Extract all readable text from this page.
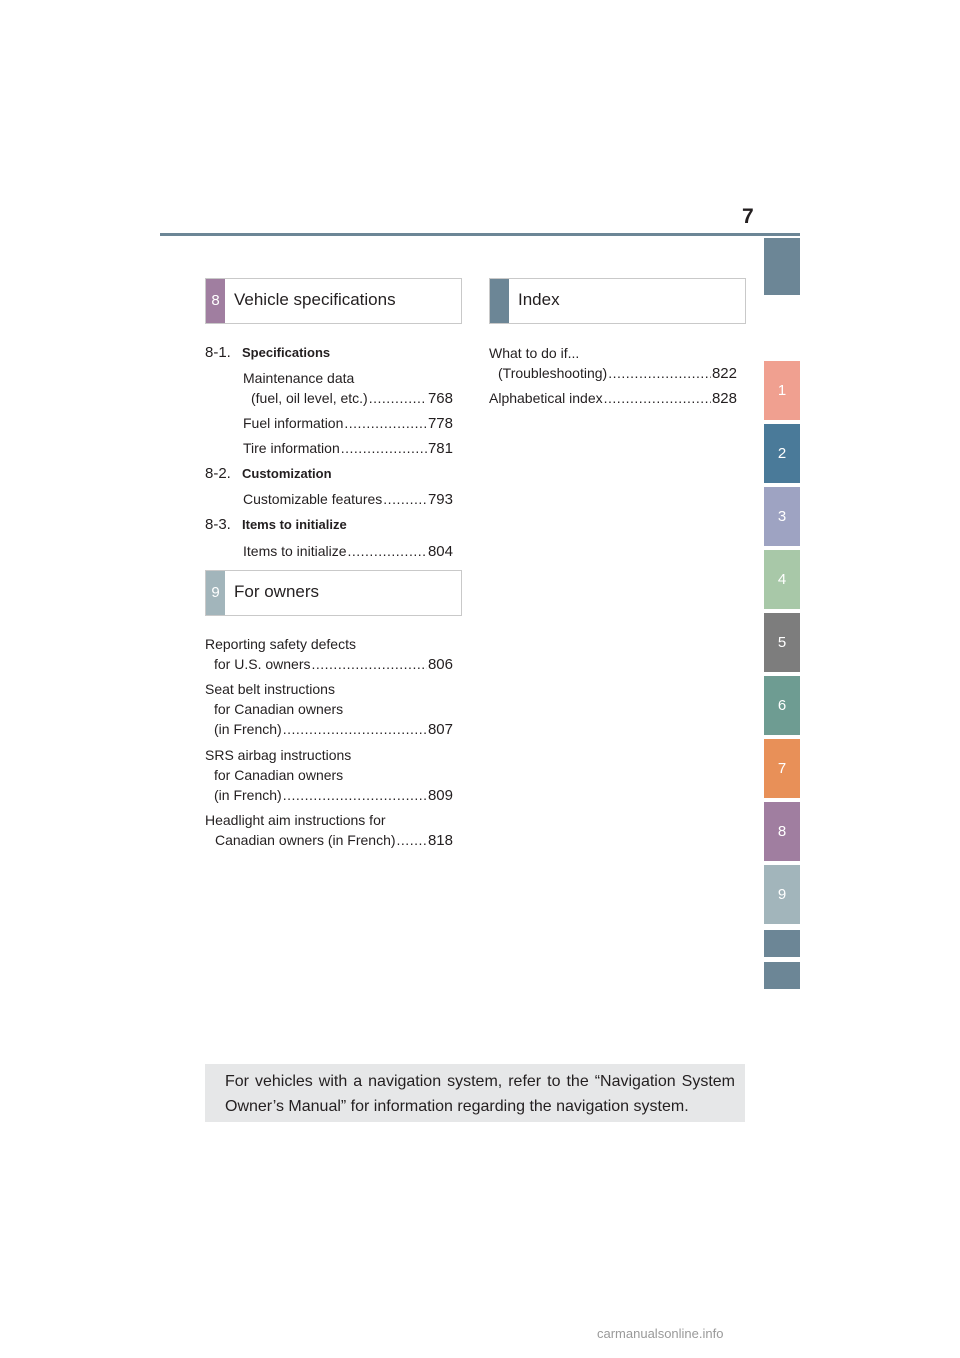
7
1
2
3
4
5
6
7
8
9
8 Vehicle specifications
8-1. Specifications
Maintenance data
(fuel, oil level, etc.) .....	768
Fuel information .....	778
Tire information .....	781
8-2. Customization
Customizable features .....	793
8-3. Items to initialize
Items to initialize .....	804
9 For owners
Reporting safety defects
for U.S. owners .....	806
Seat belt instructions
for Canadian owners
(in French) .....	807
SRS airbag instructions
for Canadian owners
(in French) .....	809
Headlight aim instructions for
Canadian owners (in French) ..... 818
Index
What to do if...
(Troubleshooting) .....	822
Alphabetical index .....	828
For vehicles with a navigation system, refer to the “Navigation System Owner’s Manual” for information regarding the navigation system.
carmanualsonline.info
